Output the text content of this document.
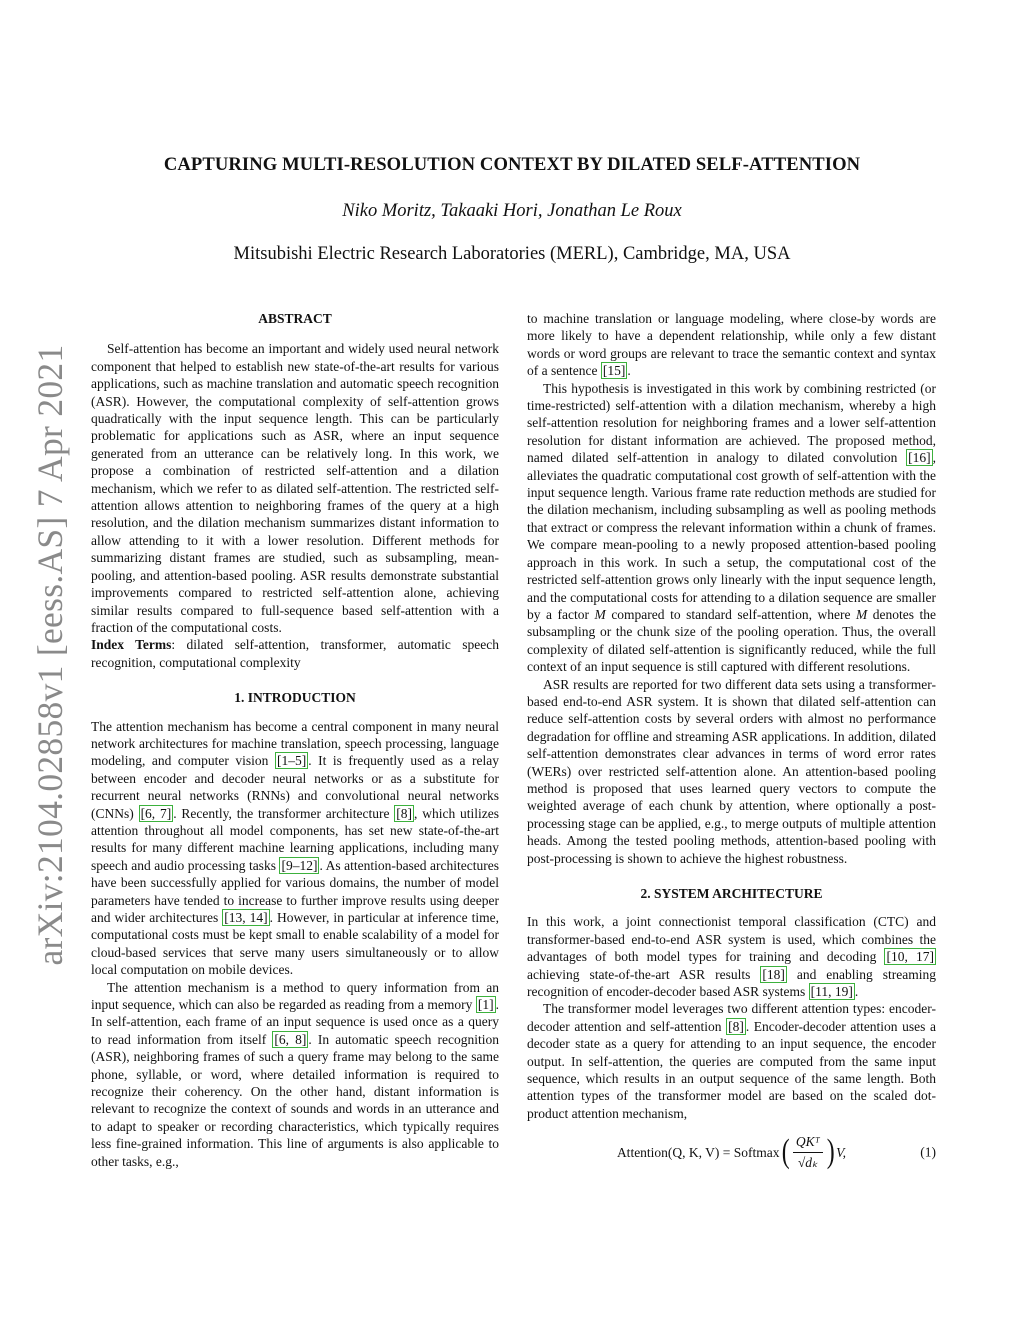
arXiv:2104.02858v1 [eess.AS] 7 Apr 2021
CAPTURING MULTI-RESOLUTION CONTEXT BY DILATED SELF-ATTENTION
Niko Moritz, Takaaki Hori, Jonathan Le Roux
Mitsubishi Electric Research Laboratories (MERL), Cambridge, MA, USA
ABSTRACT

Self-attention has become an important and widely used neural network component that helped to establish new state-of-the-art results for various applications, such as machine translation and automatic speech recognition (ASR). However, the computational complexity of self-attention grows quadratically with the input sequence length. This can be particularly problematic for applications such as ASR, where an input sequence generated from an utterance can be relatively long. In this work, we propose a combination of restricted self-attention and a dilation mechanism, which we refer to as dilated self-attention. The restricted self-attention allows attention to neighboring frames of the query at a high resolution, and the dilation mechanism summarizes distant information to allow attending to it with a lower resolution. Different methods for summarizing distant frames are studied, such as subsampling, mean-pooling, and attention-based pooling. ASR results demonstrate substantial improvements compared to restricted self-attention alone, achieving similar results compared to full-sequence based self-attention with a fraction of the computational costs.

Index Terms: dilated self-attention, transformer, automatic speech recognition, computational complexity

1. INTRODUCTION

The attention mechanism has become a central component in many neural network architectures for machine translation, speech processing, language modeling, and computer vision [1–5] . It is frequently used as a relay between encoder and decoder neural networks or as a substitute for recurrent neural networks (RNNs) and convolutional neural networks (CNNs) [6, 7] . Recently, the transformer architecture [8] , which utilizes attention throughout all model components, has set new state-of-the-art results for many different machine learning applications, including many speech and audio processing tasks [9–12] . As attention-based architectures have been successfully applied for various domains, the number of model parameters have tended to increase to further improve results using deeper and wider architectures [13, 14] . However, in particular at inference time, computational costs must be kept small to enable scalability of a model for cloud-based services that serve many users simultaneously or to allow local computation on mobile devices.

The attention mechanism is a method to query information from an input sequence, which can also be regarded as reading from a memory [1] . In self-attention, each frame of an input sequence is used once as a query to read information from itself [6, 8] . In automatic speech recognition (ASR), neighboring frames of such a query frame may belong to the same phone, syllable, or word, where detailed information is required to recognize their coherency. On the other hand, distant information is relevant to recognize the context of sounds and words in an utterance and to adapt to speaker or recording characteristics, which typically requires less fine-grained information. This line of arguments is also applicable to other tasks, e.g.,

to machine translation or language modeling, where close-by words are more likely to have a dependent relationship, while only a few distant words or word groups are relevant to trace the semantic context and syntax of a sentence [15] .

This hypothesis is investigated in this work by combining restricted (or time-restricted) self-attention with a dilation mechanism, whereby a high self-attention resolution for neighboring frames and a lower self-attention resolution for distant information are achieved. The proposed method, named dilated self-attention in analogy to dilated convolution [16] , alleviates the quadratic computational cost growth of self-attention with the input sequence length. Various frame rate reduction methods are studied for the dilation mechanism, including subsampling as well as pooling methods that extract or compress the relevant information within a chunk of frames. We compare mean-pooling to a newly proposed attention-based pooling approach in this work. In such a setup, the computational cost of the restricted self-attention grows only linearly with the input sequence length, and the computational costs for attending to a dilation sequence are smaller by a factor M compared to standard self-attention, where M denotes the subsampling or the chunk size of the pooling operation. Thus, the overall complexity of dilated self-attention is significantly reduced, while the full context of an input sequence is still captured with different resolutions.

ASR results are reported for two different data sets using a transformer-based end-to-end ASR system. It is shown that dilated self-attention can reduce self-attention costs by several orders with almost no performance degradation for offline and streaming ASR applications. In addition, dilated self-attention demonstrates clear advances in terms of word error rates (WERs) over restricted self-attention alone. An attention-based pooling method is proposed that uses learned query vectors to compute the weighted average of each chunk by attention, where optionally a post-processing stage can be applied, e.g., to merge outputs of multiple attention heads. Among the tested pooling methods, attention-based pooling with post-processing is shown to achieve the highest robustness.

2. SYSTEM ARCHITECTURE

In this work, a joint connectionist temporal classification (CTC) and transformer-based end-to-end ASR system is used, which combines the advantages of both model types for training and decoding [10, 17] achieving state-of-the-art ASR results [18] and enabling streaming recognition of encoder-decoder based ASR systems [11, 19] .

The transformer model leverages two different attention types: encoder-decoder attention and self-attention [8] . Encoder-decoder attention uses a decoder state as a query for attending to an input sequence, the encoder output. In self-attention, the queries are computed from the same input sequence, which results in an output sequence of the same length. Both attention types of the transformer model are based on the scaled dot-product attention mechanism,

Attention(Q, K, V) = Softmax ( $\frac{\text{QKᵀ}}{\text{√dₖ}}$ ) V,	(1)
